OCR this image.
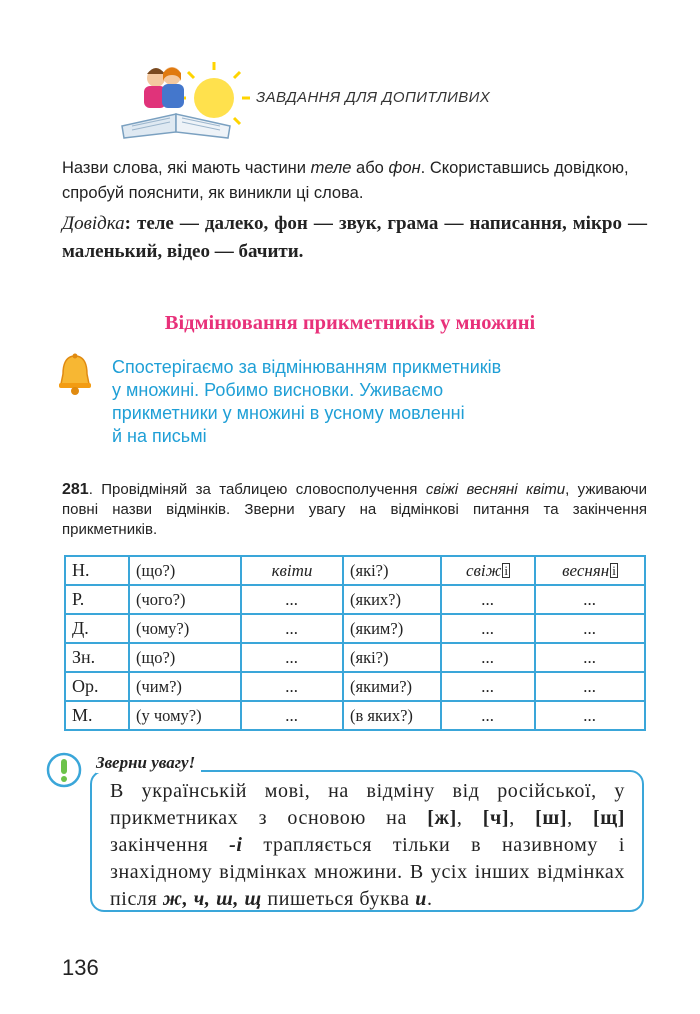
ЗАВДАННЯ ДЛЯ ДОПИТЛИВИХ
Назви слова, які мають частини теле або фон. Скориставшись довідкою, спробуй пояснити, як виникли ці слова.
Довідка: теле — далеко, фон — звук, грама — написання, мікро — маленький, відео — бачити.
Відмінювання прикметників у множині
Спостерігаємо за відмінюванням прикметників
у множині. Робимо висновки. Уживаємо
прикметники у множині в усному мовленні
й на письмі
281. Провідміняй за таблицею словосполучення свіжі весняні квіти, уживаючи повні назви відмінків. Зверни увагу на відмінкові питання та закінчення прикметників.
Н.	(що?)	квіти	(які?)	свіж і	веснян і
Р.	(чого?)	...	(яких?)	...	...
Д.	(чому?)	...	(яким?)	...	...
Зн.	(що?)	...	(які?)	...	...
Ор.	(чим?)	...	(якими?)	...	...
М.	(у чому?)	...	(в яких?)	...	...
Зверни увагу!
В українській мові, на відміну від російської, у прикметниках з основою на [ж], [ч], [ш], [щ] закінчення -і трапляється тільки в називному і знахідному відмінках множини. В усіх інших відмінках після ж, ч, ш, щ пишеться буква и.
136
